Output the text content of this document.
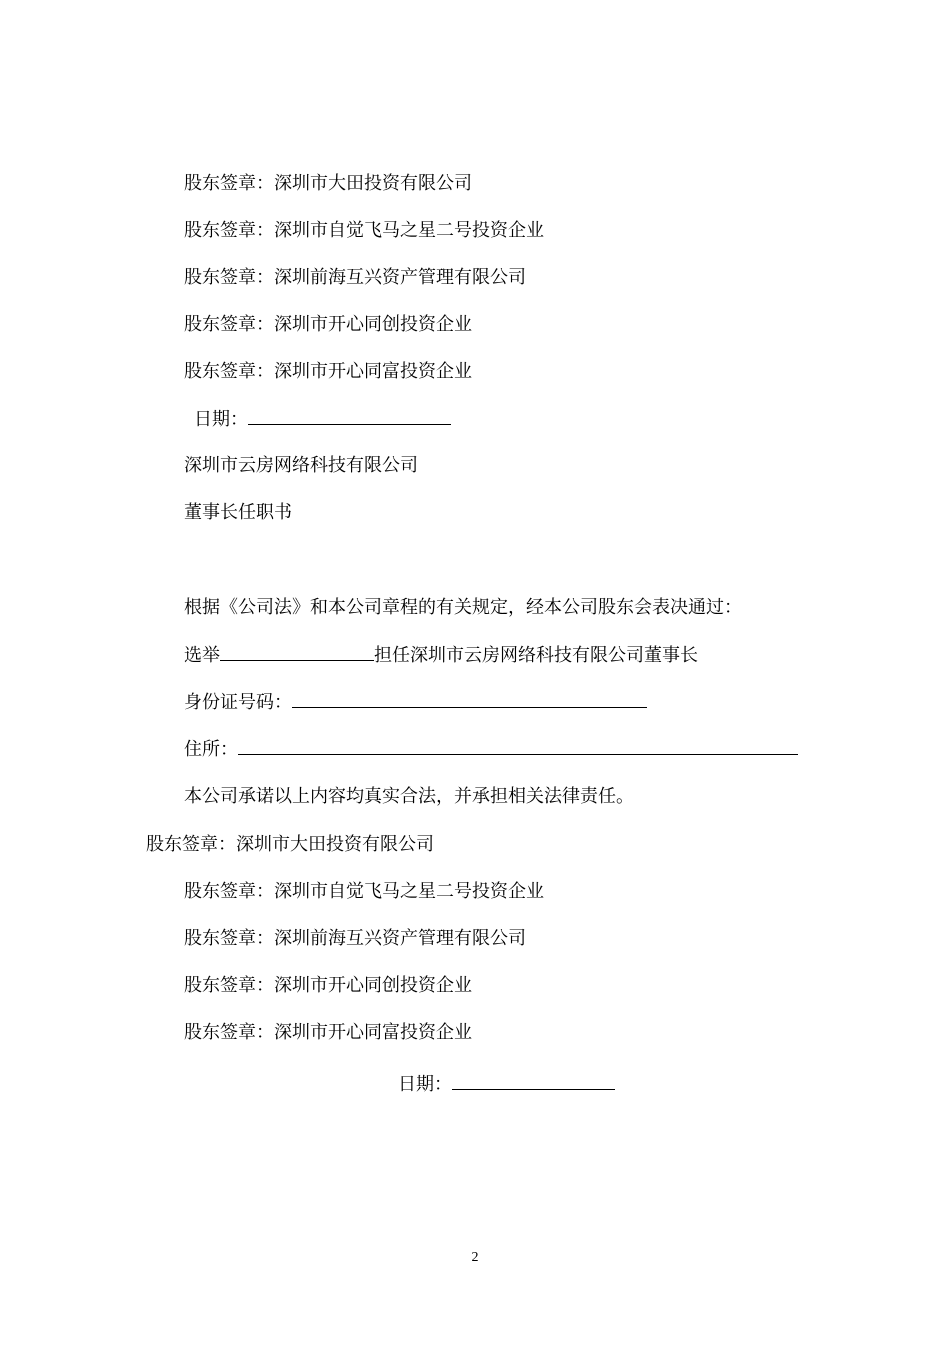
股东签章：深圳市大田投资有限公司
股东签章：深圳市自觉飞马之星二号投资企业
股东签章：深圳前海互兴资产管理有限公司
股东签章：深圳市开心同创投资企业
股东签章：深圳市开心同富投资企业
日期：
深圳市云房网络科技有限公司
董事长任职书
根据《公司法》和本公司章程的有关规定，经本公司股东会表决通过：
选举	担任深圳市云房网络科技有限公司董事长
身份证号码：
住所：
本公司承诺以上内容均真实合法，并承担相关法律责任。
股东签章：深圳市大田投资有限公司
股东签章：深圳市自觉飞马之星二号投资企业
股东签章：深圳前海互兴资产管理有限公司
股东签章：深圳市开心同创投资企业
股东签章：深圳市开心同富投资企业
日期：
2
